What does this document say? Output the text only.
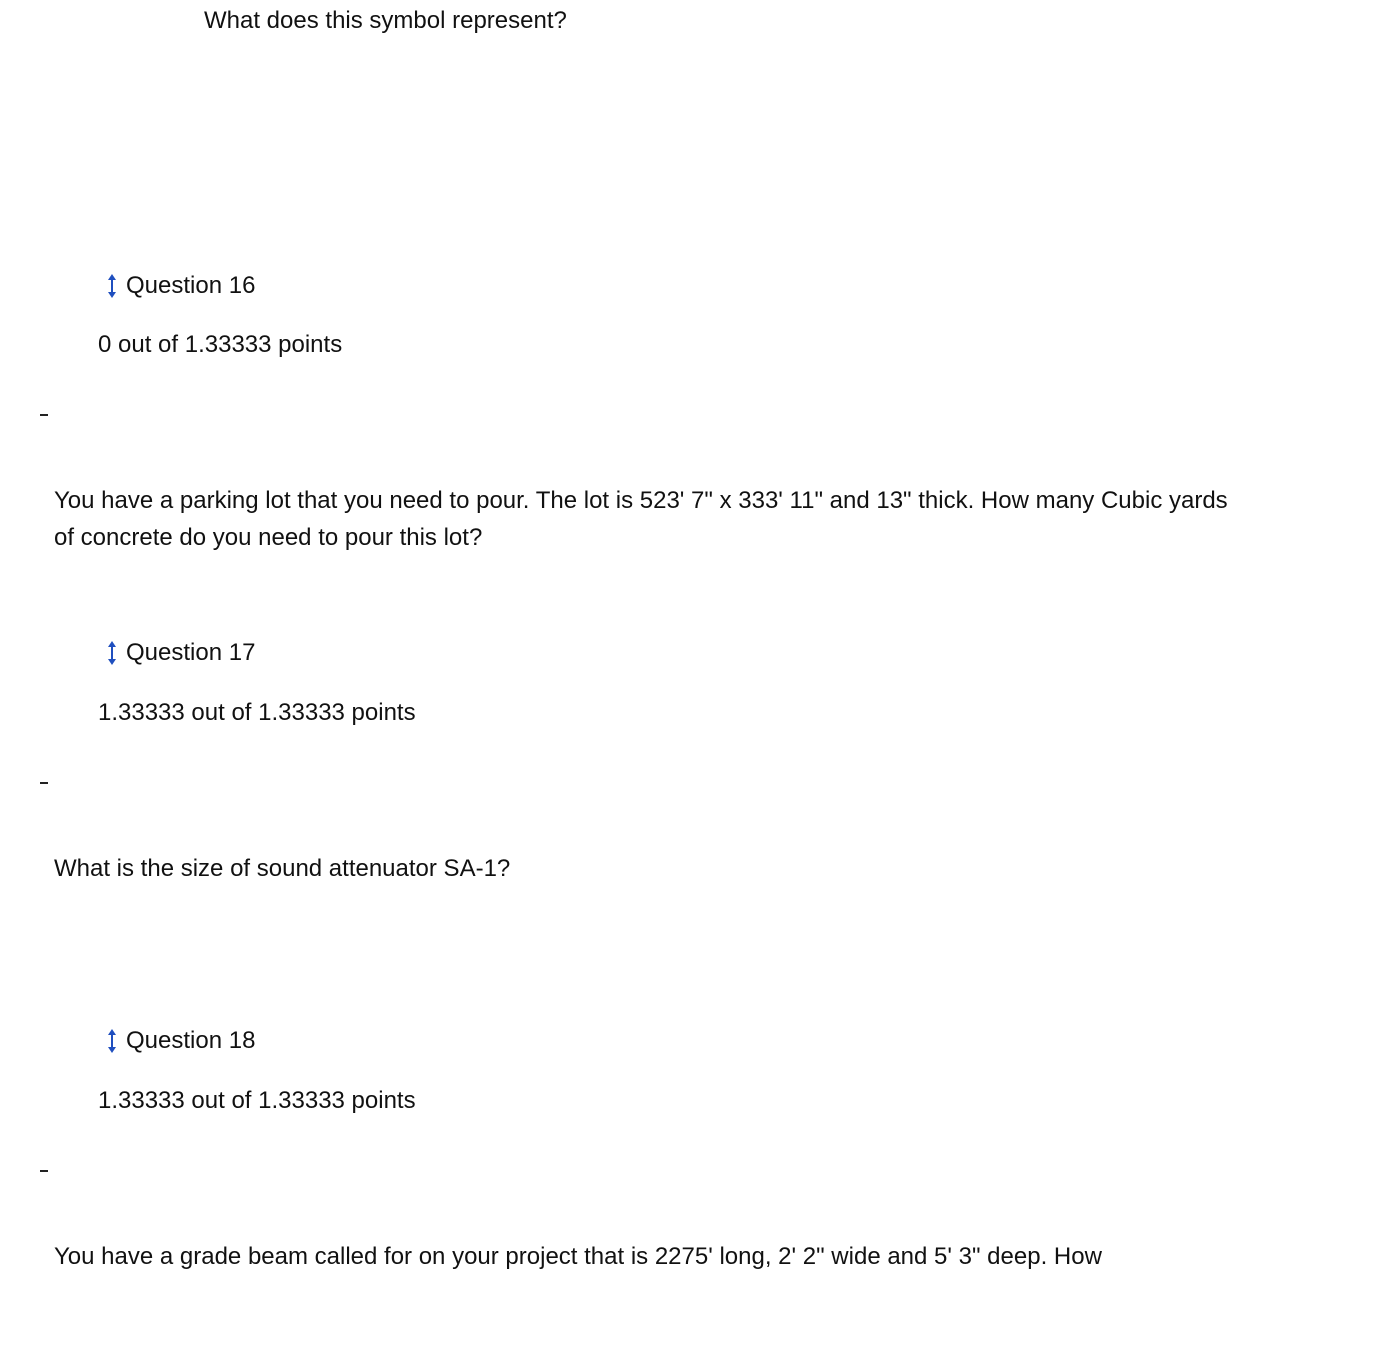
What does this symbol represent?
Question 16
0 out of 1.33333 points
You have a parking lot that you need to pour. The lot is 523' 7" x 333' 11" and 13" thick. How many Cubic yards of concrete do you need to pour this lot?
Question 17
1.33333 out of 1.33333 points
What is the size of sound attenuator SA-1?
Question 18
1.33333 out of 1.33333 points
You have a grade beam called for on your project that is 2275' long, 2' 2" wide and 5' 3" deep. How
